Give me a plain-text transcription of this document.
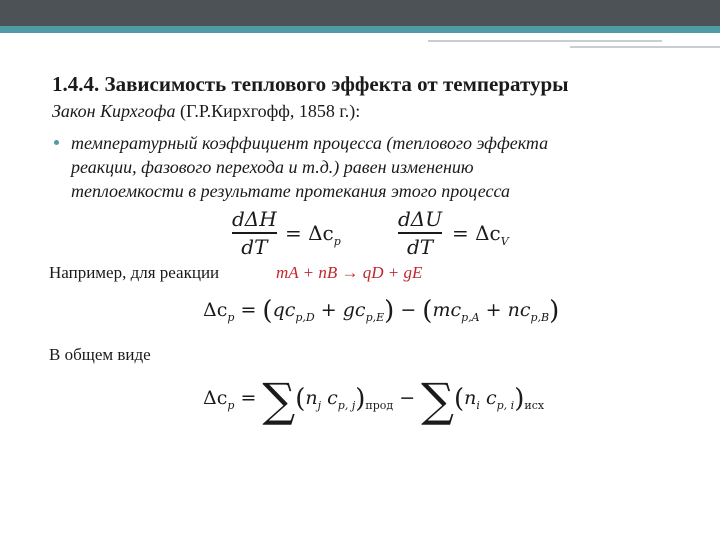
1.4.4. Зависимость теплового эффекта от температуры
Закон Кирхгофа (Г.Р.Кирхгофф, 1858 г.):
температурный коэффициент процесса (теплового эффекта
реакции, фазового перехода и т.д.) равен изменению
теплоемкости в результате протекания этого процесса
dΔH
dT
= $\Delta c_p$
dΔU
dT
= $\Delta c_V$
Например, для реакции	mA + nB → qD + gE
$\Delta c_p = (qc_{p,D} + gc_{p,E}) - (mc_{p,A} + nc_{p,B})$
В общем виде
$\Delta c_p = \sum(n_j$ $c_{p, j})_{прод} - \sum(n_i$ $c_{p, i})_{исх}$
